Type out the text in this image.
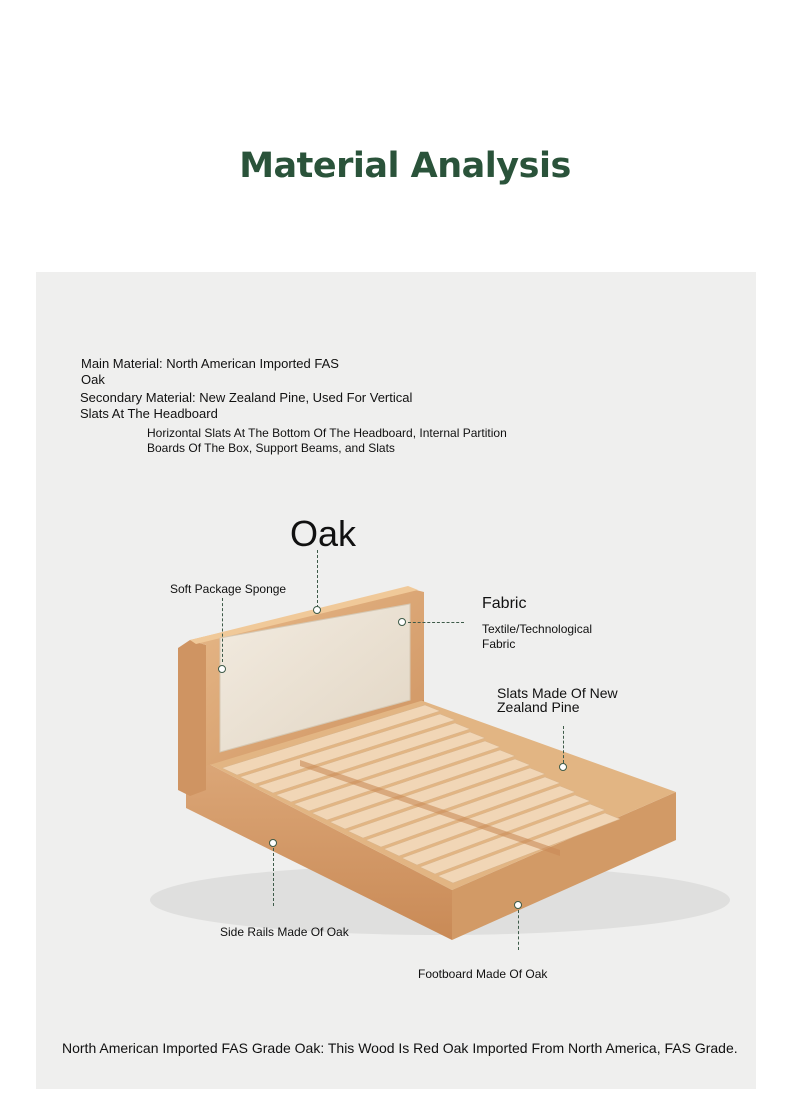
Material Analysis
Main Material: North American Imported FAS Oak
Secondary Material: New Zealand Pine, Used For Vertical Slats At The Headboard
Horizontal Slats At The Bottom Of The Headboard, Internal Partition Boards Of The Box, Support Beams, and Slats
Oak
Soft Package Sponge
Fabric
Textile/Technological Fabric
Slats Made Of New Zealand Pine
Side Rails Made Of Oak
Footboard Made Of Oak
North American Imported FAS Grade Oak: This Wood Is Red Oak Imported From North America, FAS Grade.
